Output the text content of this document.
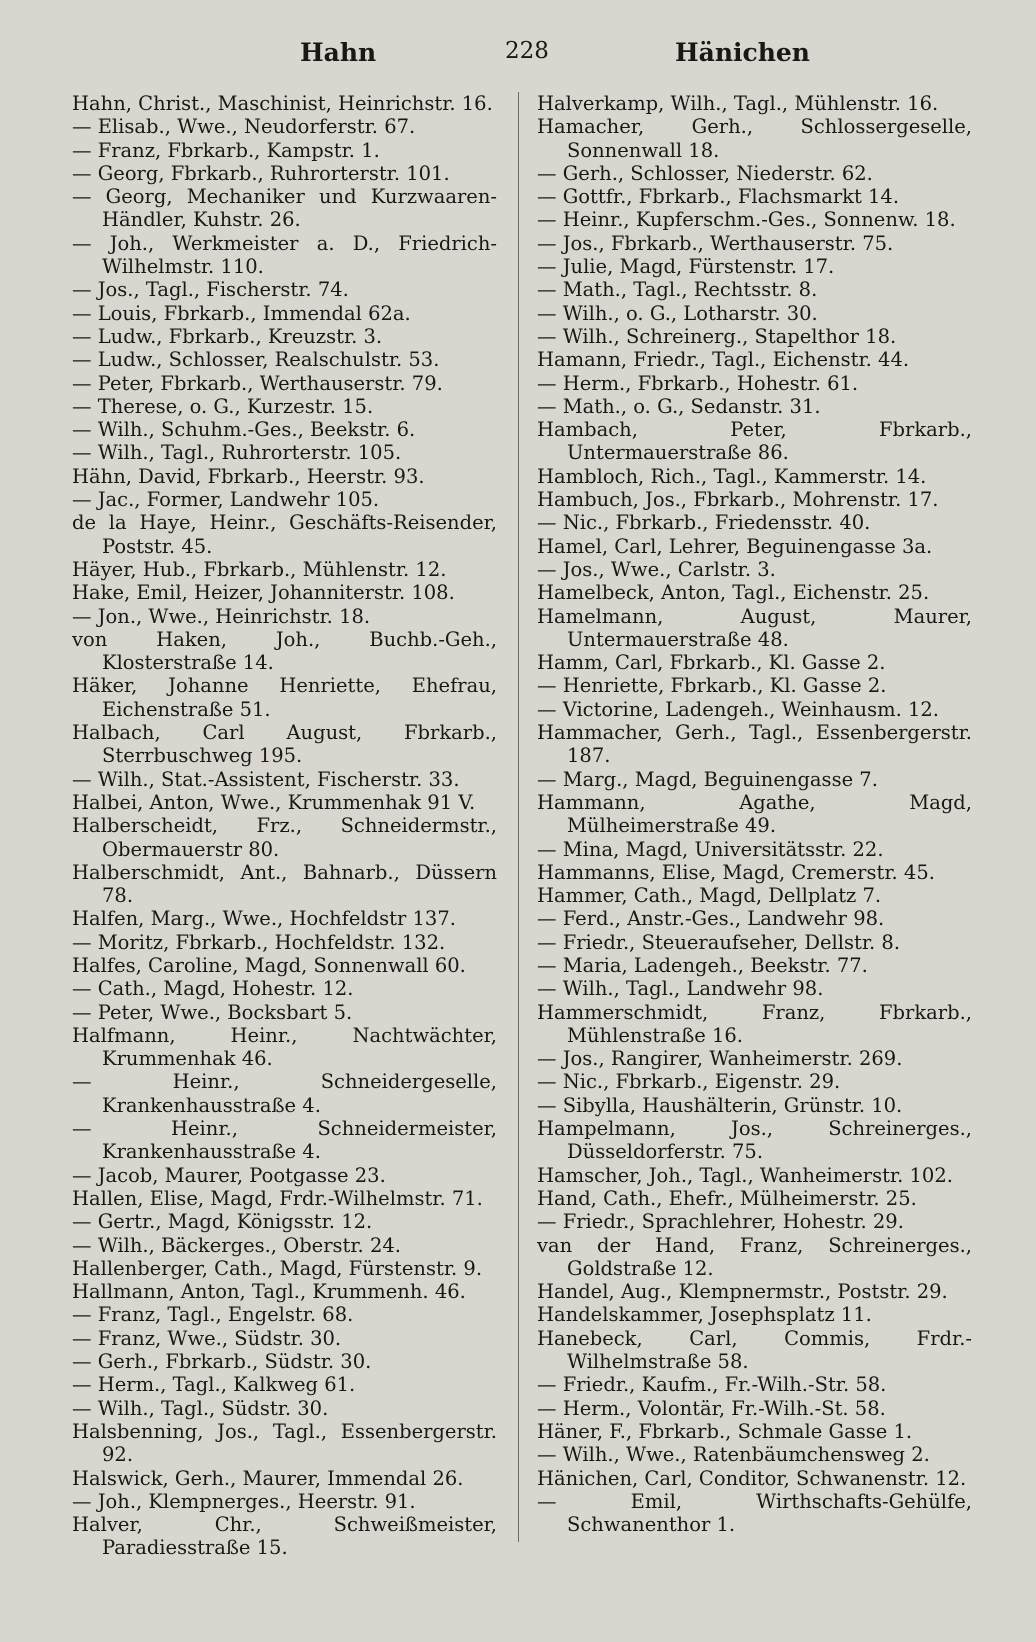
Hahn	228	Hänichen
Hahn, Christ., Maschinist, Heinrichstr. 16.
— Elisab., Wwe., Neudorferstr. 67.
— Franz, Fbrkarb., Kampstr. 1.
— Georg, Fbrkarb., Ruhrorterstr. 101.
— Georg, Mechaniker und Kurzwaaren-Händler, Kuhstr. 26.
— Joh., Werkmeister a. D., Friedrich-Wilhelmstr. 110.
— Jos., Tagl., Fischerstr. 74.
— Louis, Fbrkarb., Immendal 62a.
— Ludw., Fbrkarb., Kreuzstr. 3.
— Ludw., Schlosser, Realschulstr. 53.
— Peter, Fbrkarb., Werthauserstr. 79.
— Therese, o. G., Kurzestr. 15.
— Wilh., Schuhm.-Ges., Beekstr. 6.
— Wilh., Tagl., Ruhrorterstr. 105.
Hähn, David, Fbrkarb., Heerstr. 93.
— Jac., Former, Landwehr 105.
de la Haye, Heinr., Geschäfts-Reisender, Poststr. 45.
Häyer, Hub., Fbrkarb., Mühlenstr. 12.
Hake, Emil, Heizer, Johanniterstr. 108.
— Jon., Wwe., Heinrichstr. 18.
von Haken, Joh., Buchb.-Geh., Klosterstraße 14.
Häker, Johanne Henriette, Ehefrau, Eichenstraße 51.
Halbach, Carl August, Fbrkarb., Sterrbuschweg 195.
— Wilh., Stat.-Assistent, Fischerstr. 33.
Halbei, Anton, Wwe., Krummenhak 91 V.
Halberscheidt, Frz., Schneidermstr., Obermauerstr 80.
Halberschmidt, Ant., Bahnarb., Düssern 78.
Halfen, Marg., Wwe., Hochfeldstr 137.
— Moritz, Fbrkarb., Hochfeldstr. 132.
Halfes, Caroline, Magd, Sonnenwall 60.
— Cath., Magd, Hohestr. 12.
— Peter, Wwe., Bocksbart 5.
Halfmann, Heinr., Nachtwächter, Krummenhak 46.
— Heinr., Schneidergeselle, Krankenhausstraße 4.
— Heinr., Schneidermeister, Krankenhausstraße 4.
— Jacob, Maurer, Pootgasse 23.
Hallen, Elise, Magd, Frdr.-Wilhelmstr. 71.
— Gertr., Magd, Königsstr. 12.
— Wilh., Bäckerges., Oberstr. 24.
Hallenberger, Cath., Magd, Fürstenstr. 9.
Hallmann, Anton, Tagl., Krummenh. 46.
— Franz, Tagl., Engelstr. 68.
— Franz, Wwe., Südstr. 30.
— Gerh., Fbrkarb., Südstr. 30.
— Herm., Tagl., Kalkweg 61.
— Wilh., Tagl., Südstr. 30.
Halsbenning, Jos., Tagl., Essenbergerstr. 92.
Halswick, Gerh., Maurer, Immendal 26.
— Joh., Klempnerges., Heerstr. 91.
Halver, Chr., Schweißmeister, Paradiesstraße 15.
Halverkamp, Wilh., Tagl., Mühlenstr. 16.
Hamacher, Gerh., Schlossergeselle, Sonnenwall 18.
— Gerh., Schlosser, Niederstr. 62.
— Gottfr., Fbrkarb., Flachsmarkt 14.
— Heinr., Kupferschm.-Ges., Sonnenw. 18.
— Jos., Fbrkarb., Werthauserstr. 75.
— Julie, Magd, Fürstenstr. 17.
— Math., Tagl., Rechtsstr. 8.
— Wilh., o. G., Lotharstr. 30.
— Wilh., Schreinerg., Stapelthor 18.
Hamann, Friedr., Tagl., Eichenstr. 44.
— Herm., Fbrkarb., Hohestr. 61.
— Math., o. G., Sedanstr. 31.
Hambach, Peter, Fbrkarb., Untermauerstraße 86.
Hambloch, Rich., Tagl., Kammerstr. 14.
Hambuch, Jos., Fbrkarb., Mohrenstr. 17.
— Nic., Fbrkarb., Friedensstr. 40.
Hamel, Carl, Lehrer, Beguinengasse 3a.
— Jos., Wwe., Carlstr. 3.
Hamelbeck, Anton, Tagl., Eichenstr. 25.
Hamelmann, August, Maurer, Untermauerstraße 48.
Hamm, Carl, Fbrkarb., Kl. Gasse 2.
— Henriette, Fbrkarb., Kl. Gasse 2.
— Victorine, Ladengeh., Weinhausm. 12.
Hammacher, Gerh., Tagl., Essenbergerstr. 187.
— Marg., Magd, Beguinengasse 7.
Hammann, Agathe, Magd, Mülheimerstraße 49.
— Mina, Magd, Universitätsstr. 22.
Hammanns, Elise, Magd, Cremerstr. 45.
Hammer, Cath., Magd, Dellplatz 7.
— Ferd., Anstr.-Ges., Landwehr 98.
— Friedr., Steueraufseher, Dellstr. 8.
— Maria, Ladengeh., Beekstr. 77.
— Wilh., Tagl., Landwehr 98.
Hammerschmidt, Franz, Fbrkarb., Mühlenstraße 16.
— Jos., Rangirer, Wanheimerstr. 269.
— Nic., Fbrkarb., Eigenstr. 29.
— Sibylla, Haushälterin, Grünstr. 10.
Hampelmann, Jos., Schreinerges., Düsseldorferstr. 75.
Hamscher, Joh., Tagl., Wanheimerstr. 102.
Hand, Cath., Ehefr., Mülheimerstr. 25.
— Friedr., Sprachlehrer, Hohestr. 29.
van der Hand, Franz, Schreinerges., Goldstraße 12.
Handel, Aug., Klempnermstr., Poststr. 29.
Handelskammer, Josephsplatz 11.
Hanebeck, Carl, Commis, Frdr.-Wilhelmstraße 58.
— Friedr., Kaufm., Fr.-Wilh.-Str. 58.
— Herm., Volontär, Fr.-Wilh.-St. 58.
Häner, F., Fbrkarb., Schmale Gasse 1.
— Wilh., Wwe., Ratenbäumchensweg 2.
Hänichen, Carl, Conditor, Schwanenstr. 12.
— Emil, Wirthschafts-Gehülfe, Schwanenthor 1.
